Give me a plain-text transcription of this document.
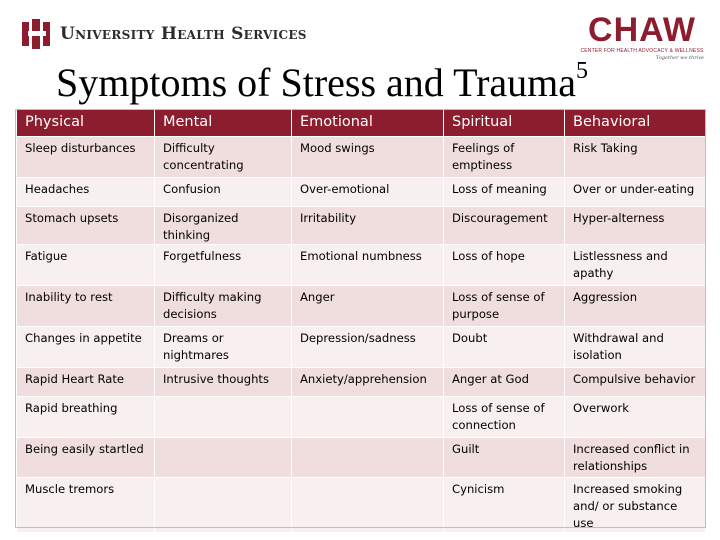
University Health Services	CHAW
CENTER FOR HEALTH ADVOCACY & WELLNESS
Together we thrive
Symptoms of Stress and Trauma$^5$
Physical	Mental	Emotional	Spiritual	Behavioral
Sleep disturbances	Difficulty concentrating	Mood swings	Feelings of emptiness	Risk Taking
Headaches	Confusion	Over-emotional	Loss of meaning	Over or under-eating
Stomach upsets	Disorganized thinking	Irritability	Discouragement	Hyper-alterness
Fatigue	Forgetfulness	Emotional numbness	Loss of hope	Listlessness and apathy
Inability to rest	Difficulty making decisions	Anger	Loss of sense of purpose	Aggression
Changes in appetite	Dreams or nightmares	Depression/sadness	Doubt	Withdrawal and isolation
Rapid Heart Rate	Intrusive thoughts	Anxiety/apprehension	Anger at God	Compulsive behavior
Rapid breathing			Loss of sense of connection	Overwork
Being easily startled			Guilt	Increased conflict in relationships
Muscle tremors			Cynicism	Increased smoking and/ or substance use
